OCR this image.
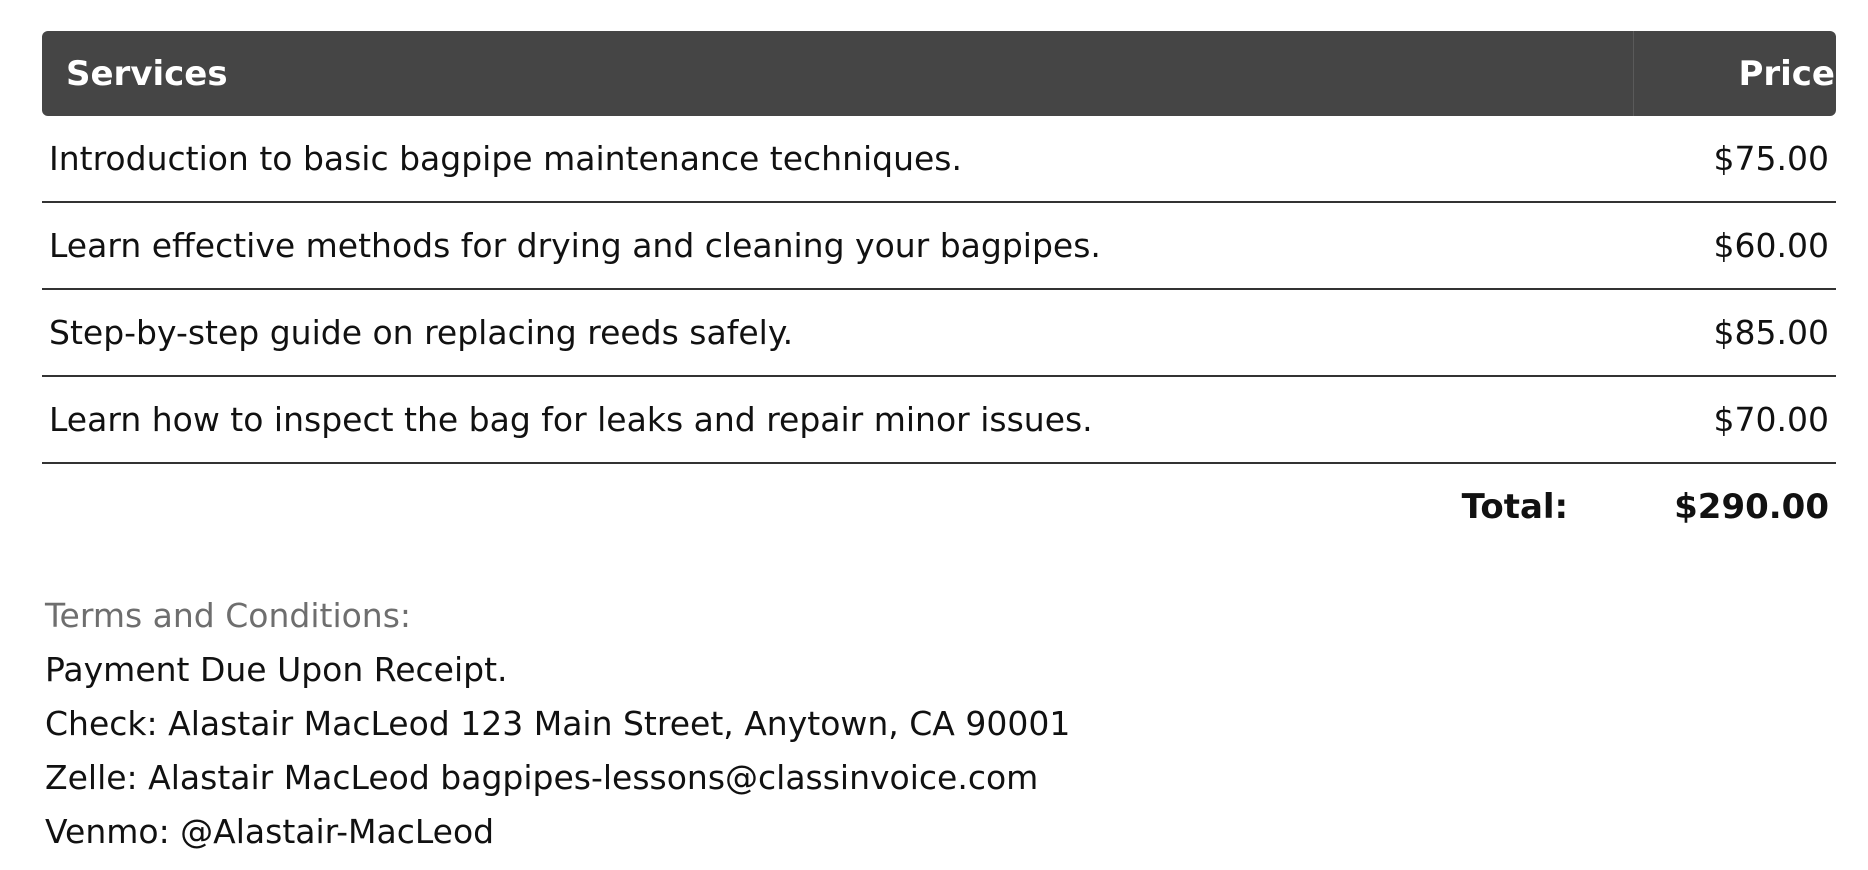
Services	Price
Introduction to basic bagpipe maintenance techniques.	$75.00
Learn effective methods for drying and cleaning your bagpipes.	$60.00
Step-by-step guide on replacing reeds safely.	$85.00
Learn how to inspect the bag for leaks and repair minor issues.	$70.00
Total:	$290.00
Terms and Conditions:
Payment Due Upon Receipt.
Check: Alastair MacLeod 123 Main Street, Anytown, CA 90001
Zelle: Alastair MacLeod bagpipes-lessons@classinvoice.com
Venmo: @Alastair-MacLeod
